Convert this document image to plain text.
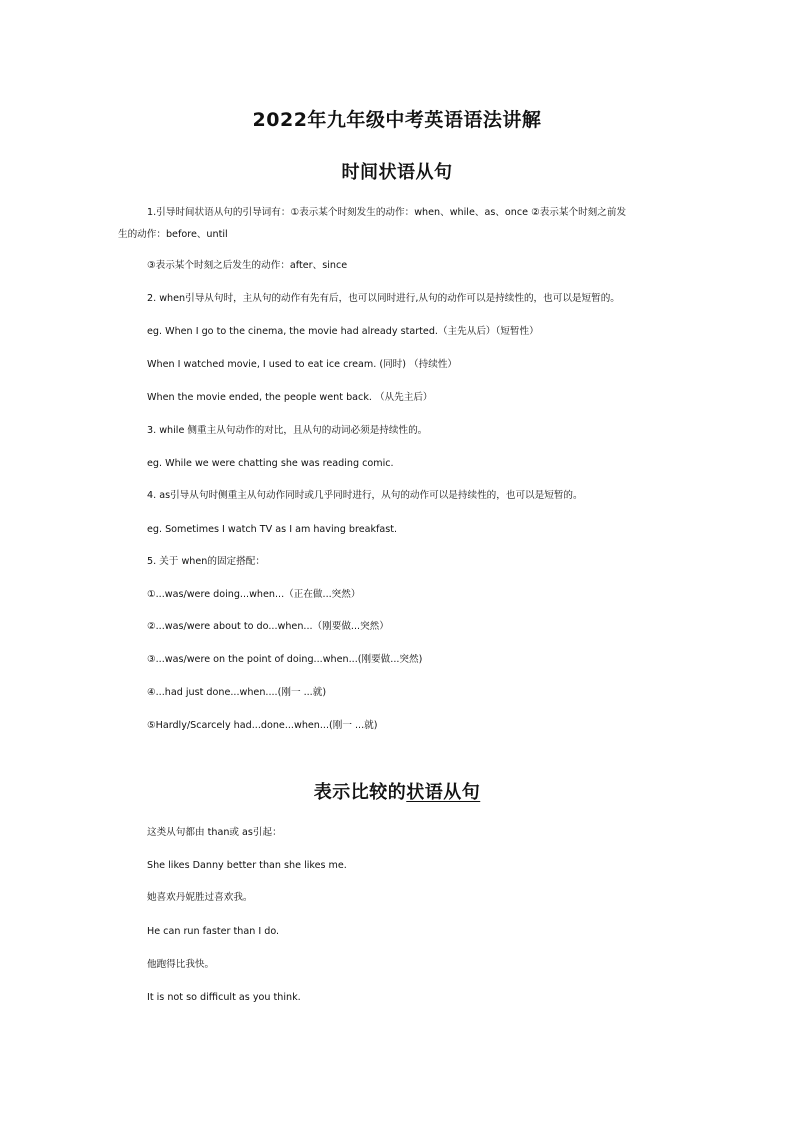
2022年九年级中考英语语法讲解
时间状语从句
1.引导时间状语从句的引导词有：①表示某个时刻发生的动作：when、while、as、once ②表示某个时刻之前发
生的动作：before、until
③表示某个时刻之后发生的动作：after、since
2. when引导从句时，主从句的动作有先有后，也可以同时进行,从句的动作可以是持续性的，也可以是短暂的。
eg. When I go to the cinema, the movie had already started.（主先从后）（短暂性）
When I watched movie, I used to eat ice cream. (同时) （持续性）
When the movie ended, the people went back. （从先主后）
3. while 侧重主从句动作的对比，且从句的动词必须是持续性的。
eg. While we were chatting she was reading comic.
4. as引导从句时侧重主从句动作同时或几乎同时进行，从句的动作可以是持续性的，也可以是短暂的。
eg. Sometimes I watch TV as I am having breakfast.
5. 关于 when的固定搭配：
①...was/were doing...when...（正在做...突然）
②...was/were about to do...when...（刚要做...突然）
③...was/were on the point of doing...when...(刚要做...突然)
④...had just done...when....(刚一 ...就)
⑤Hardly/Scarcely had...done...when...(刚一 ...就)
表示比较的状语从句
这类从句都由 than或 as引起：
She likes Danny better than she likes me.
她喜欢丹妮胜过喜欢我。
He can run faster than I do.
他跑得比我快。
It is not so difficult as you think.
